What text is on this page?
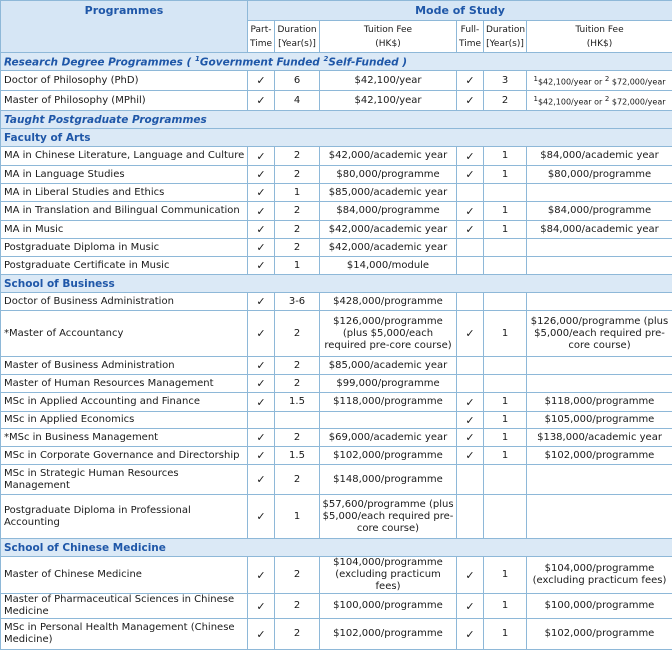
Programmes	Mode of Study					
	Part-Time	Duration [Year(s)]	Tuition Fee (HK$)	Full-Time	Duration [Year(s)]	Tuition Fee (HK$)
Research Degree Programmes ( $^1$Government Funded $^2$Self-Funded )						
Doctor of Philosophy (PhD)	✓	6	$42,100/year	✓	3	$^1$\$42,100/year or $^2$ $72,000/year
Master of Philosophy (MPhil)	✓	4	$42,100/year	✓	2	$^1$\$42,100/year or $^2$ $72,000/year
Taught Postgraduate Programmes						
Faculty of Arts						
MA in Chinese Literature, Language and Culture	✓	2	$42,000/academic year	✓	1	$84,000/academic year
MA in Language Studies	✓	2	$80,000/programme	✓	1	$80,000/programme
MA in Liberal Studies and Ethics	✓	1	$85,000/academic year			
MA in Translation and Bilingual Communication	✓	2	$84,000/programme	✓	1	$84,000/programme
MA in Music	✓	2	$42,000/academic year	✓	1	$84,000/academic year
Postgraduate Diploma in Music	✓	2	$42,000/academic year			
Postgraduate Certificate in Music	✓	1	$14,000/module			
School of Business						
Doctor of Business Administration	✓	3-6	$428,000/programme			
*Master of Accountancy	✓	2	$126,000/programme (plus $5,000/each required pre-core course)	✓	1	$126,000/programme (plus $5,000/each required pre-core course)
Master of Business Administration	✓	2	$85,000/academic year			
Master of Human Resources Management	✓	2	$99,000/programme			
MSc in Applied Accounting and Finance	✓	1.5	$118,000/programme	✓	1	$118,000/programme
MSc in Applied Economics				✓	1	$105,000/programme
*MSc in Business Management	✓	2	$69,000/academic year	✓	1	$138,000/academic year
MSc in Corporate Governance and Directorship	✓	1.5	$102,000/programme	✓	1	$102,000/programme
MSc in Strategic Human Resources Management	✓	2	$148,000/programme			
Postgraduate Diploma in Professional Accounting	✓	1	$57,600/programme (plus $5,000/each required pre-core course)			
School of Chinese Medicine						
Master of Chinese Medicine	✓	2	$104,000/programme (excluding practicum fees)	✓	1	$104,000/programme (excluding practicum fees)
Master of Pharmaceutical Sciences in Chinese Medicine	✓	2	$100,000/programme	✓	1	$100,000/programme
MSc in Personal Health Management (Chinese Medicine)	✓	2	$102,000/programme	✓	1	$102,000/programme
